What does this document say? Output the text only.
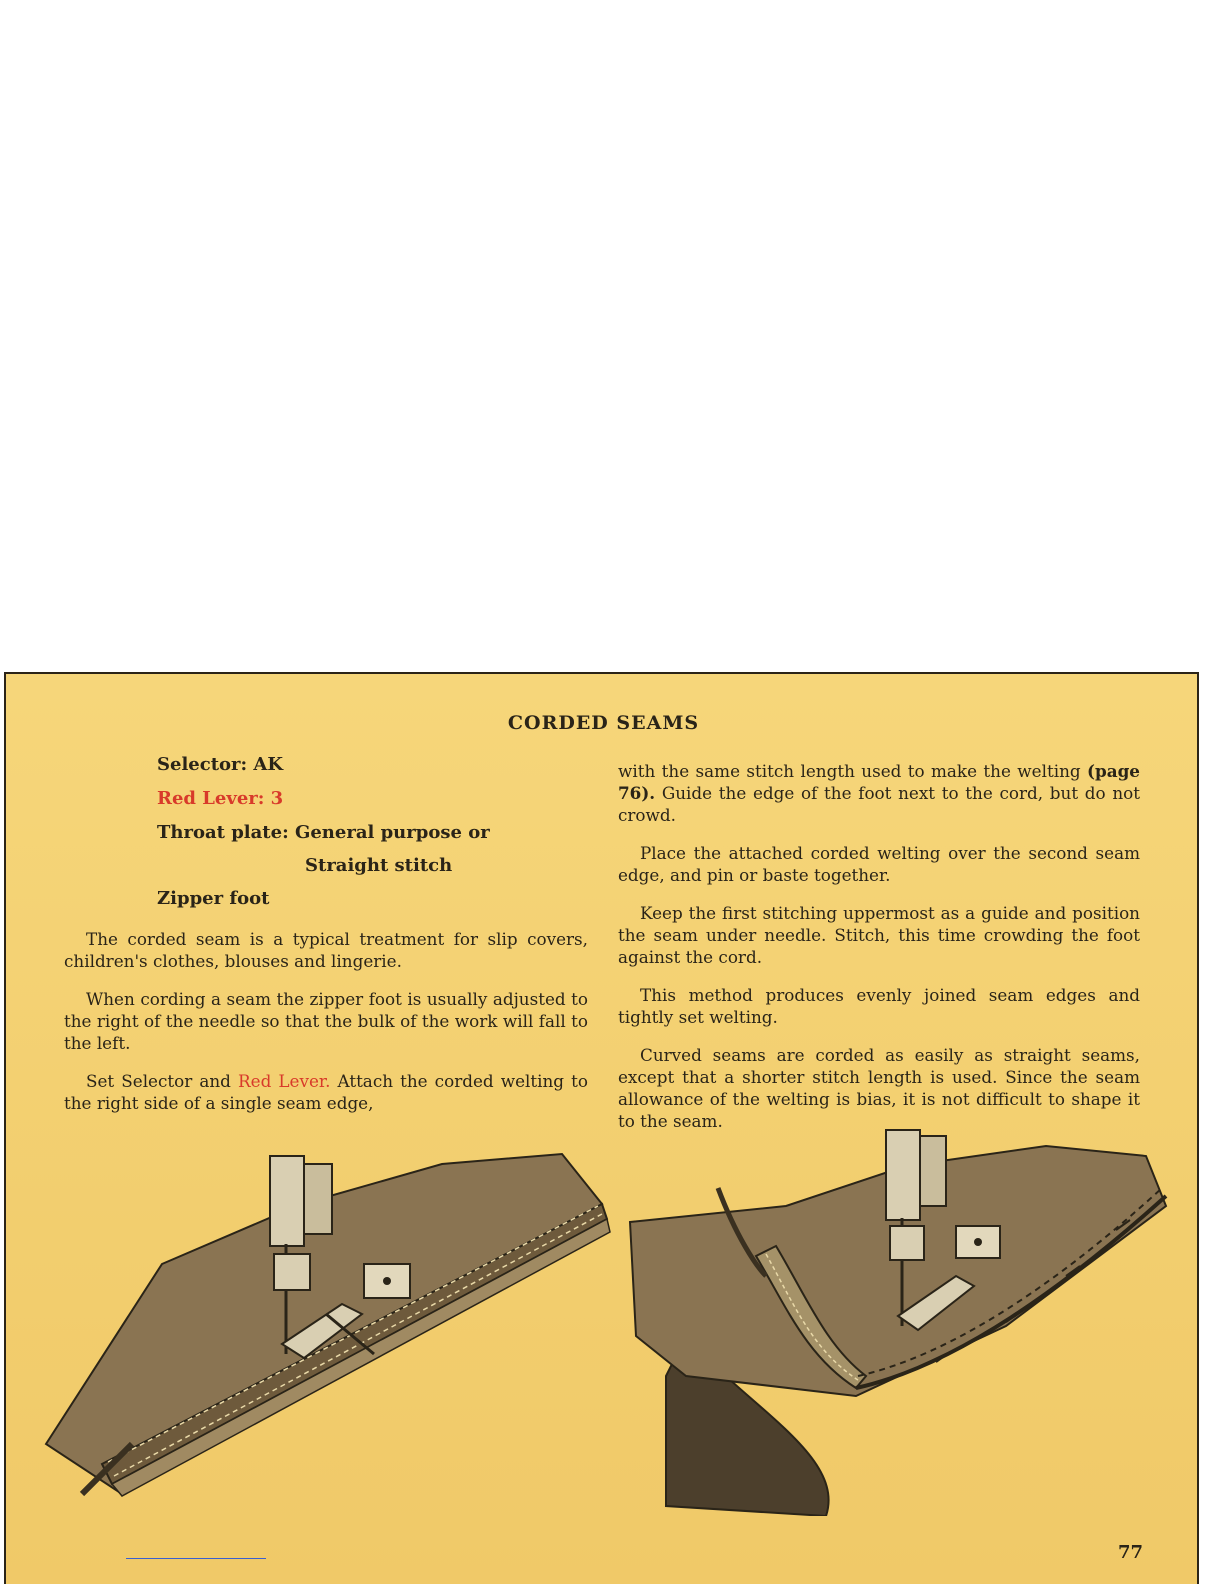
CORDED SEAMS
Selector: AK
Red Lever: 3
Throat plate: General purpose or
Straight stitch
Zipper foot

The corded seam is a typical treatment for slip covers, children's clothes, blouses and lingerie.

When cording a seam the zipper foot is usually adjusted to the right of the needle so that the bulk of the work will fall to the left.

Set Selector and Red Lever. Attach the corded welting to the right side of a single seam edge,

with the same stitch length used to make the welting (page 76). Guide the edge of the foot next to the cord, but do not crowd.

Place the attached corded welting over the second seam edge, and pin or baste together.

Keep the first stitching uppermost as a guide and position the seam under needle. Stitch, this time crowding the foot against the cord.

This method produces evenly joined seam edges and tightly set welting.

Curved seams are corded as easily as straight seams, except that a shorter stitch length is used. Since the seam allowance of the welting is bias, it is not difficult to shape it to the seam.

77
